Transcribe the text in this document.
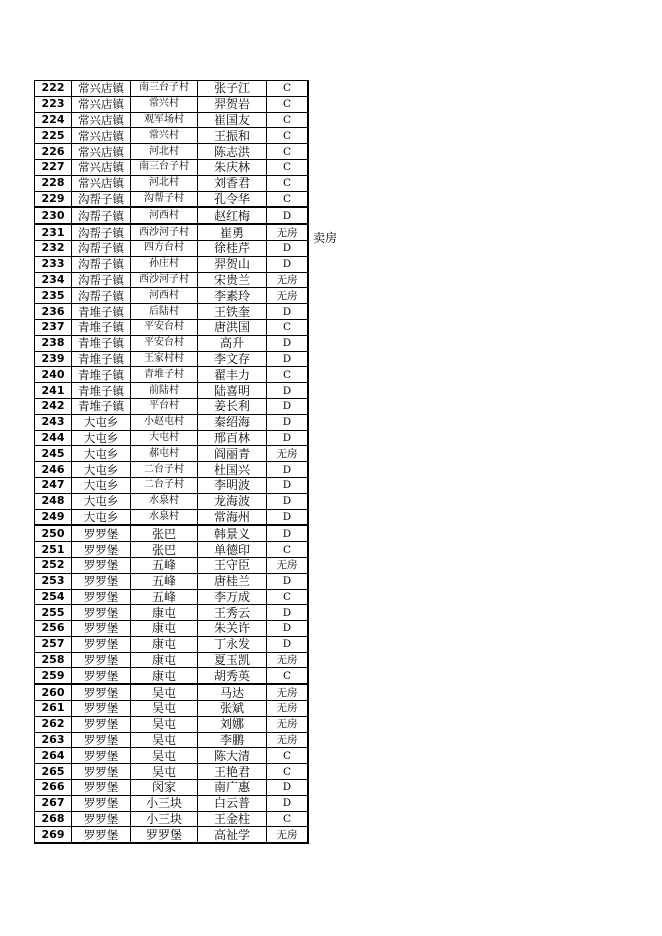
222	常兴店镇	南三台子村	张子江	C
223	常兴店镇	常兴村	羿贺岩	C
224	常兴店镇	观军场村	崔国友	C
225	常兴店镇	常兴村	王振和	C
226	常兴店镇	河北村	陈志洪	C
227	常兴店镇	南三台子村	朱庆林	C
228	常兴店镇	河北村	刘香君	C
229	沟帮子镇	沟帮子村	孔令华	C
230	沟帮子镇	河西村	赵红梅	D
231	沟帮子镇	西沙河子村	崔勇	无房
232	沟帮子镇	四方台村	徐桂芹	D
233	沟帮子镇	孙庄村	羿贺山	D
234	沟帮子镇	西沙河子村	宋贵兰	无房
235	沟帮子镇	河西村	李素玲	无房
236	青堆子镇	后陆村	王铁奎	D
237	青堆子镇	平安台村	唐洪国	C
238	青堆子镇	平安台村	高升	D
239	青堆子镇	王家村村	李文存	D
240	青堆子镇	青堆子村	翟丰力	C
241	青堆子镇	前陆村	陆喜明	D
242	青堆子镇	平台村	姜长利	D
243	大屯乡	小赵屯村	秦绍海	D
244	大屯乡	大屯村	邢百林	D
245	大屯乡	郝屯村	阎丽青	无房
246	大屯乡	二台子村	杜国兴	D
247	大屯乡	二台子村	李明波	D
248	大屯乡	水泉村	龙海波	D
249	大屯乡	水泉村	常海州	D
250	罗罗堡	张巴	韩景义	D
251	罗罗堡	张巴	单德印	C
252	罗罗堡	五峰	王守臣	无房
253	罗罗堡	五峰	唐桂兰	D
254	罗罗堡	五峰	李万成	C
255	罗罗堡	康屯	王秀云	D
256	罗罗堡	康屯	朱关许	D
257	罗罗堡	康屯	丁永发	D
258	罗罗堡	康屯	夏玉凯	无房
259	罗罗堡	康屯	胡秀英	C
260	罗罗堡	吴屯	马达	无房
261	罗罗堡	吴屯	张斌	无房
262	罗罗堡	吴屯	刘娜	无房
263	罗罗堡	吴屯	李鹏	无房
264	罗罗堡	吴屯	陈大清	C
265	罗罗堡	吴屯	王艳君	C
266	罗罗堡	闵家	南广惠	D
267	罗罗堡	小三块	白云普	D
268	罗罗堡	小三块	王金柱	C
269	罗罗堡	罗罗堡	高祉学	无房
卖房
